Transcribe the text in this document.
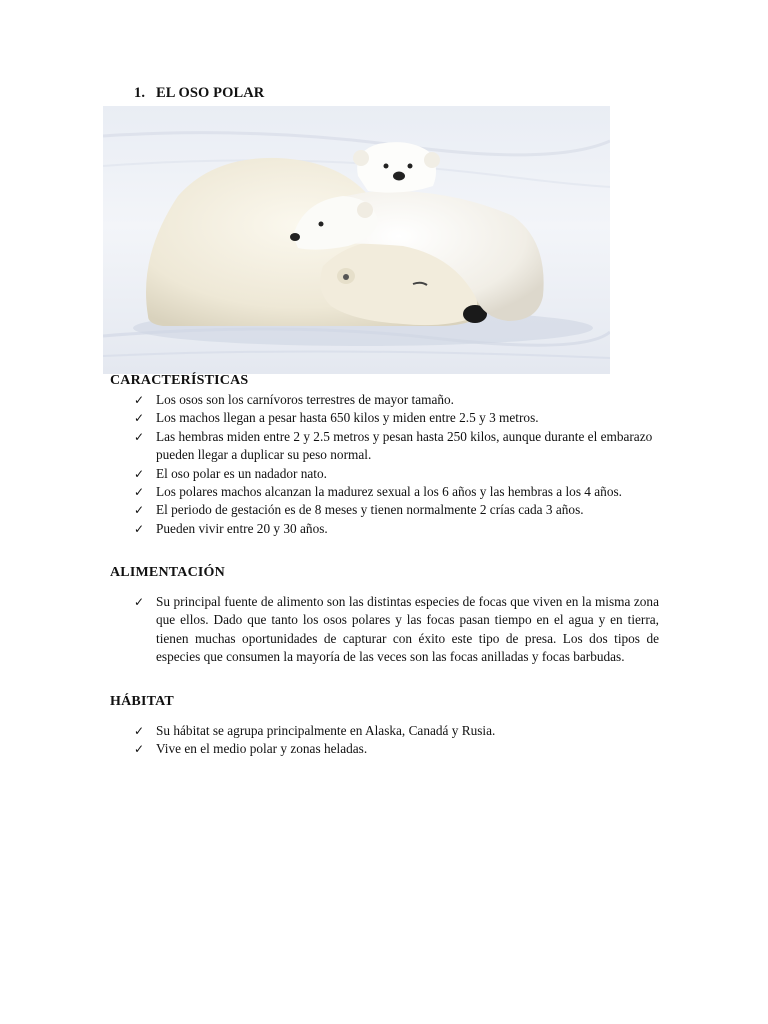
1. EL OSO POLAR
CARACTERÍSTICAS
✓ Los osos son los carnívoros terrestres de mayor tamaño.
✓ Los machos llegan a pesar hasta 650 kilos y miden entre 2.5 y 3 metros.
✓ Las hembras miden entre 2 y 2.5 metros y pesan hasta 250 kilos, aunque durante el embarazo pueden llegar a duplicar su peso normal.
✓ El oso polar es un nadador nato.
✓ Los polares machos alcanzan la madurez sexual a los 6 años y las hembras a los 4 años.
✓ El periodo de gestación es de 8 meses y tienen normalmente 2 crías cada 3 años.
✓ Pueden vivir entre 20 y 30 años.
ALIMENTACIÓN
✓ Su principal fuente de alimento son las distintas especies de focas que viven en la misma zona que ellos. Dado que tanto los osos polares y las focas pasan tiempo en el agua y en tierra, tienen muchas oportunidades de capturar con éxito este tipo de presa. Los dos tipos de especies que consumen la mayoría de las veces son las focas anilladas y focas barbudas.
HÁBITAT
✓ Su hábitat se agrupa principalmente en Alaska, Canadá y Rusia.
✓ Vive en el medio polar y zonas heladas.
